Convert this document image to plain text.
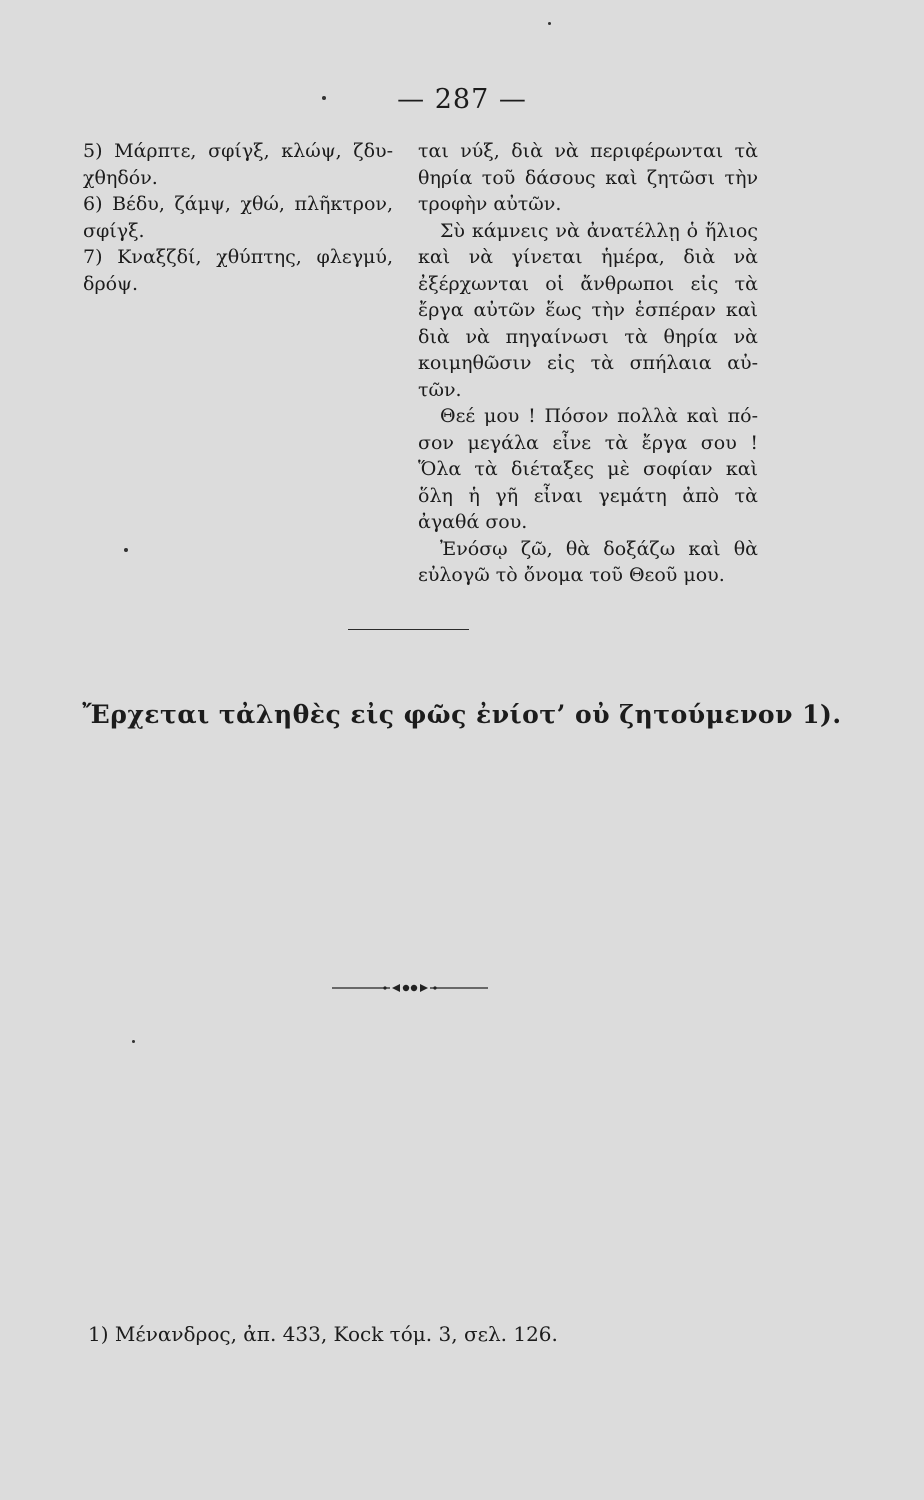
— 287 —
5) Μάρπτε, σφίγξ, κλώψ, ζδυ-
χθηδόν.
6) Βέδυ, ζάμψ, χθώ, πλῆκτρον,
σφίγξ.
7) Κναξζδί, χθύπτης, φλεγμύ,
δρόψ.
ται νύξ, διὰ νὰ περιφέρωνται τὰ
θηρία τοῦ δάσους καὶ ζητῶσι τὴν
τροφὴν αὐτῶν.
Σὺ κάμνεις νὰ ἀνατέλλῃ ὁ ἥλιος
καὶ νὰ γίνεται ἡμέρα, διὰ νὰ
ἐξέρχωνται οἱ ἄνθρωποι εἰς τὰ
ἔργα αὐτῶν ἕως τὴν ἑσπέραν καὶ
διὰ νὰ πηγαίνωσι τὰ θηρία νὰ
κοιμηθῶσιν εἰς τὰ σπήλαια αὐ-
τῶν.
Θεέ μου ! Πόσον πολλὰ καὶ πό-
σον μεγάλα εἶνε τὰ ἔργα σου !
Ὅλα τὰ διέταξες μὲ σοφίαν καὶ
ὅλη ἡ γῆ εἶναι γεμάτη ἀπὸ τὰ
ἀγαθά σου.
Ἐνόσῳ ζῶ, θὰ δοξάζω καὶ θὰ
εὐλογῶ τὸ ὄνομα τοῦ Θεοῦ μου.
Ἔρχεται τἀληθὲς εἰς φῶς ἐνίοτ’ οὐ ζητούμενον 1).
1) Μένανδρος, ἀπ. 433, Kock τόμ. 3, σελ. 126.
